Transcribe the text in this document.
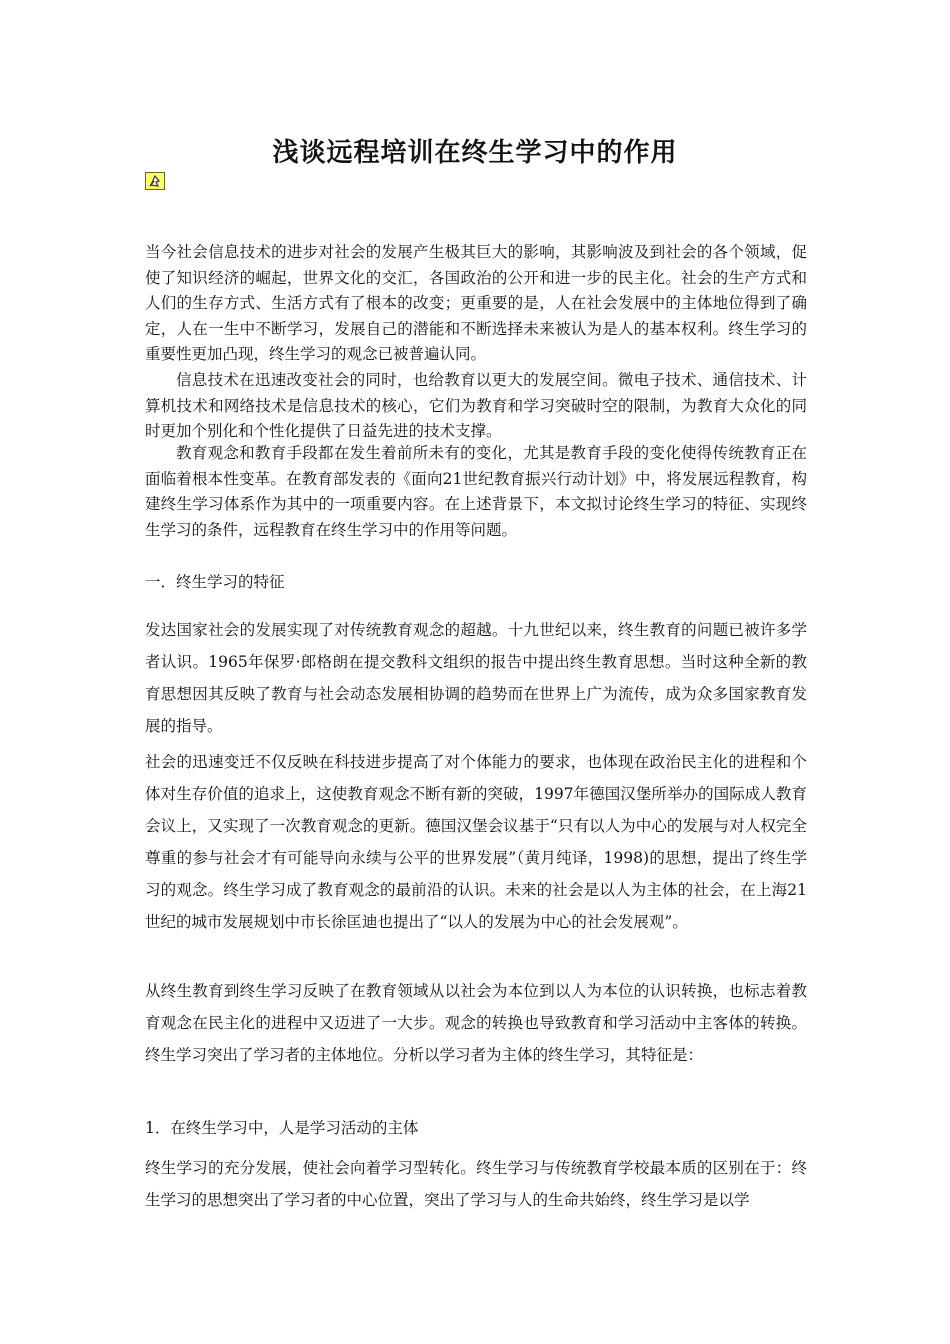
浅谈远程培训在终生学习中的作用

当今社会信息技术的进步对社会的发展产生极其巨大的影响，其影响波及到社会的各个领域，促使了知识经济的崛起，世界文化的交汇，各国政治的公开和进一步的民主化。社会的生产方式和人们的生存方式、生活方式有了根本的改变；更重要的是，人在社会发展中的主体地位得到了确定，人在一生中不断学习，发展自己的潜能和不断选择未来被认为是人的基本权利。终生学习的重要性更加凸现，终生学习的观念已被普遍认同。

信息技术在迅速改变社会的同时，也给教育以更大的发展空间。微电子技术、通信技术、计算机技术和网络技术是信息技术的核心，它们为教育和学习突破时空的限制，为教育大众化的同时更加个别化和个性化提供了日益先进的技术支撑。

教育观念和教育手段都在发生着前所未有的变化，尤其是教育手段的变化使得传统教育正在面临着根本性变革。在教育部发表的《面向21世纪教育振兴行动计划》中，将发展远程教育，构建终生学习体系作为其中的一项重要内容。在上述背景下，本文拟讨论终生学习的特征、实现终生学习的条件，远程教育在终生学习中的作用等问题。

一．终生学习的特征

发达国家社会的发展实现了对传统教育观念的超越。十九世纪以来，终生教育的问题已被许多学者认识。1965年保罗·郎格朗在提交教科文组织的报告中提出终生教育思想。当时这种全新的教育思想因其反映了教育与社会动态发展相协调的趋势而在世界上广为流传，成为众多国家教育发展的指导。

社会的迅速变迁不仅反映在科技进步提高了对个体能力的要求，也体现在政治民主化的进程和个体对生存价值的追求上，这使教育观念不断有新的突破，1997年德国汉堡所举办的国际成人教育会议上，又实现了一次教育观念的更新。德国汉堡会议基于“只有以人为中心的发展与对人权完全尊重的参与社会才有可能导向永续与公平的世界发展”（黄月纯译，1998)的思想，提出了终生学习的观念。终生学习成了教育观念的最前沿的认识。未来的社会是以人为主体的社会，在上海21世纪的城市发展规划中市长徐匡迪也提出了“以人的发展为中心的社会发展观”。

从终生教育到终生学习反映了在教育领域从以社会为本位到以人为本位的认识转换，也标志着教育观念在民主化的进程中又迈进了一大步。观念的转换也导致教育和学习活动中主客体的转换。终生学习突出了学习者的主体地位。分析以学习者为主体的终生学习，其特征是：

1．在终生学习中，人是学习活动的主体

终生学习的充分发展，使社会向着学习型转化。终生学习与传统教育学校最本质的区别在于：终生学习的思想突出了学习者的中心位置，突出了学习与人的生命共始终，终生学习是以学
